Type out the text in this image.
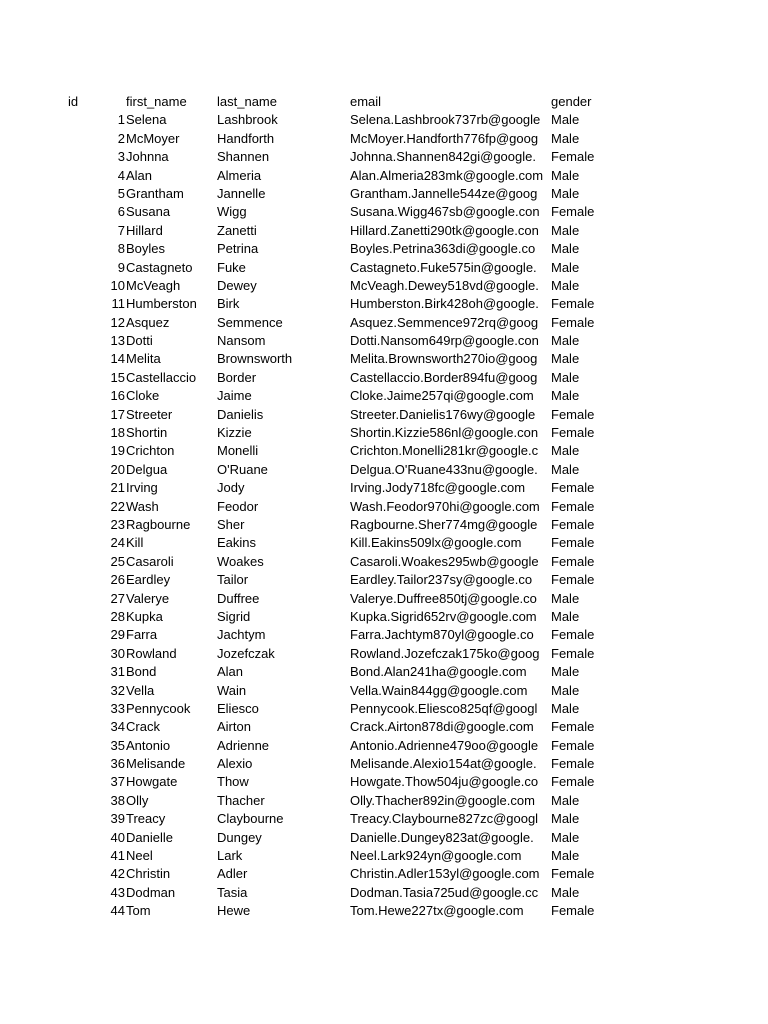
id	first_name	last_name	email	gender
1 Selena	Lashbrook	Selena.Lashbrook737rb@google Male
2 McMoyer	Handforth	McMoyer.Handforth776fp@goog Male
3 Johnna	Shannen	Johnna.Shannen842gi@google.	Female
4 Alan	Almeria	Alan.Almeria283mk@google.com Male
5 Grantham	Jannelle	Grantham.Jannelle544ze@goog	Male
6 Susana	Wigg	Susana.Wigg467sb@google.con Female
7 Hillard	Zanetti	Hillard.Zanetti290tk@google.con Male
8 Boyles	Petrina	Boyles.Petrina363di@google.co	Male
9 Castagneto	Fuke	Castagneto.Fuke575in@google.	Male
10 McVeagh	Dewey	McVeagh.Dewey518vd@google. Male
11 Humberston	Birk	Humberston.Birk428oh@google. Female
12 Asquez	Semmence	Asquez.Semmence972rq@goog Female
13 Dotti	Nansom	Dotti.Nansom649rp@google.con Male
14 Melita	Brownsworth	Melita.Brownsworth270io@goog	Male
15 Castellaccio	Border	Castellaccio.Border894fu@goog	Male
16 Cloke	Jaime	Cloke.Jaime257qi@google.com	Male
17 Streeter	Danielis	Streeter.Danielis176wy@google	Female
18 Shortin	Kizzie	Shortin.Kizzie586nl@google.con Female
19 Crichton	Monelli	Crichton.Monelli281kr@google.c Male
20 Delgua	O'Ruane	Delgua.O'Ruane433nu@google.	Male
21 Irving	Jody	Irving.Jody718fc@google.com	Female
22 Wash	Feodor	Wash.Feodor970hi@google.com Female
23 Ragbourne	Sher	Ragbourne.Sher774mg@google	Female
24 Kill	Eakins	Kill.Eakins509lx@google.com	Female
25 Casaroli	Woakes	Casaroli.Woakes295wb@google Female
26 Eardley	Tailor	Eardley.Tailor237sy@google.co	Female
27 Valerye	Duffree	Valerye.Duffree850tj@google.co	Male
28 Kupka	Sigrid	Kupka.Sigrid652rv@google.com	Male
29 Farra	Jachtym	Farra.Jachtym870yl@google.co	Female
30 Rowland	Jozefczak	Rowland.Jozefczak175ko@goog Female
31 Bond	Alan	Bond.Alan241ha@google.com	Male
32 Vella	Wain	Vella.Wain844gg@google.com	Male
33 Pennycook	Eliesco	Pennycook.Eliesco825qf@googl	Male
34 Crack	Airton	Crack.Airton878di@google.com	Female
35 Antonio	Adrienne	Antonio.Adrienne479oo@google Female
36 Melisande	Alexio	Melisande.Alexio154at@google.	Female
37 Howgate	Thow	Howgate.Thow504ju@google.co Female
38 Olly	Thacher	Olly.Thacher892in@google.com	Male
39 Treacy	Claybourne	Treacy.Claybourne827zc@googl Male
40 Danielle	Dungey	Danielle.Dungey823at@google.	Male
41 Neel	Lark	Neel.Lark924yn@google.com	Male
42 Christin	Adler	Christin.Adler153yl@google.com Female
43 Dodman	Tasia	Dodman.Tasia725ud@google.cc Male
44 Tom	Hewe	Tom.Hewe227tx@google.com	Female
